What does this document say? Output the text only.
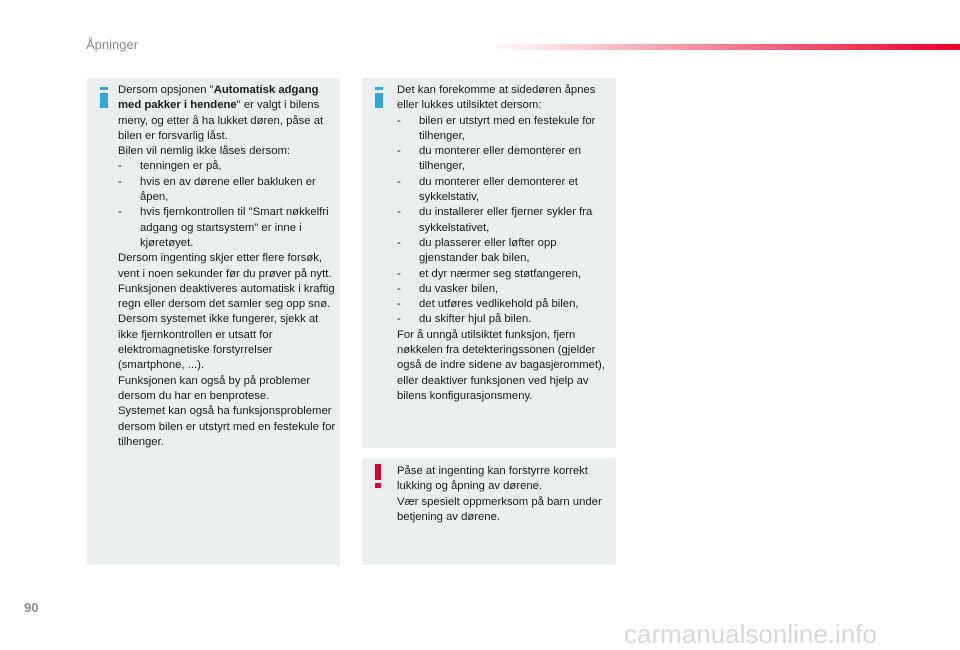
Åpninger

Dersom opsjonen "Automatisk adgang med pakker i hendene" er valgt i bilens meny, og etter å ha lukket døren, påse at bilen er forsvarlig låst.

Bilen vil nemlig ikke låses dersom:

- tenningen er på,
- hvis en av dørene eller bakluken er åpen,
- hvis fjernkontrollen til "Smart nøkkelfri adgang og startsystem" er inne i kjøretøyet.

Dersom ingenting skjer etter flere forsøk, vent i noen sekunder før du prøver på nytt.

Funksjonen deaktiveres automatisk i kraftig regn eller dersom det samler seg opp snø.

Dersom systemet ikke fungerer, sjekk at ikke fjernkontrollen er utsatt for elektromagnetiske forstyrrelser (smartphone, ...).

Funksjonen kan også by på problemer dersom du har en benprotese.

Systemet kan også ha funksjonsproblemer dersom bilen er utstyrt med en festekule for tilhenger.

Det kan forekomme at sidedøren åpnes eller lukkes utilsiktet dersom:

- bilen er utstyrt med en festekule for tilhenger,
- du monterer eller demonterer en tilhenger,
- du monterer eller demonterer et sykkelstativ,
- du installerer eller fjerner sykler fra sykkelstativet,
- du plasserer eller løfter opp gjenstander bak bilen,
- et dyr nærmer seg støtfangeren,
- du vasker bilen,
- det utføres vedlikehold på bilen,
- du skifter hjul på bilen.

For å unngå utilsiktet funksjon, fjern nøkkelen fra detekteringssonen (gjelder også de indre sidene av bagasjerommet), eller deaktiver funksjonen ved hjelp av bilens konfigurasjonsmeny.

Påse at ingenting kan forstyrre korrekt lukking og åpning av dørene.

Vær spesielt oppmerksom på barn under betjening av dørene.

90
carmanualsonline.info
